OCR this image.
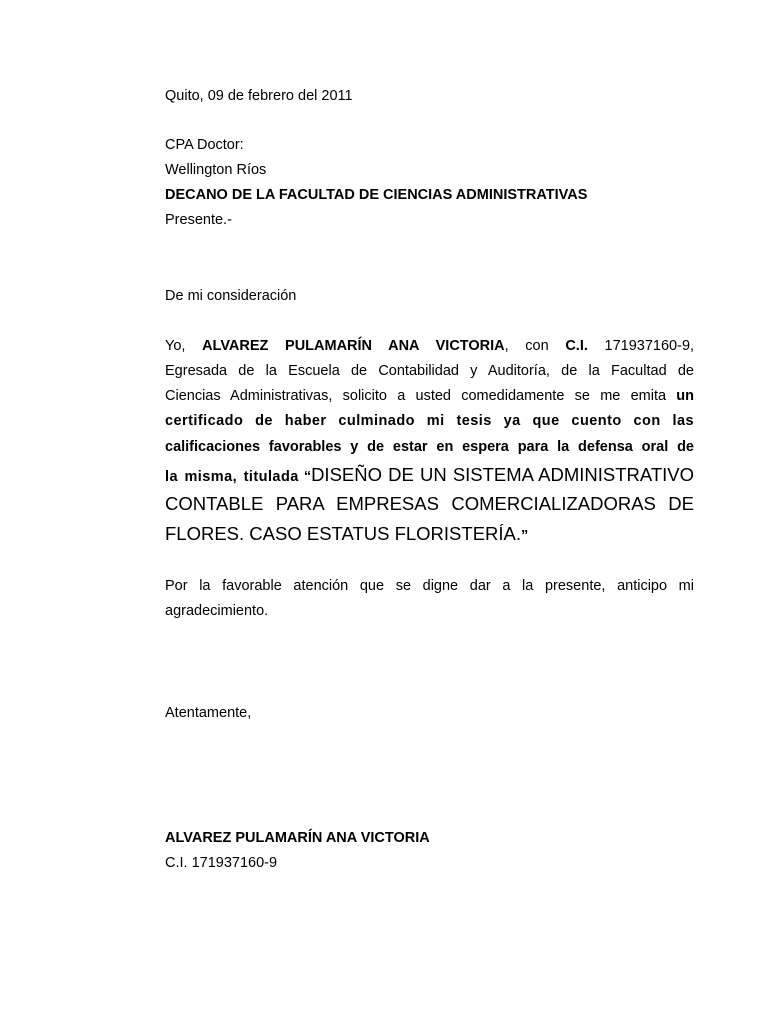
Quito, 09 de febrero del 2011
CPA Doctor:
Wellington Ríos
DECANO DE LA FACULTAD DE CIENCIAS ADMINISTRATIVAS
Presente.-
De mi consideración
Yo, ALVAREZ PULAMARÍN ANA VICTORIA, con C.I. 171937160-9,
Egresada de la Escuela de Contabilidad y Auditoría, de la Facultad de
Ciencias Administrativas, solicito a usted comedidamente se me emita un
certificado de haber culminado mi tesis ya que cuento con las
calificaciones favorables y de estar en espera para la defensa oral de
la misma, titulada “DISEÑO DE UN SISTEMA ADMINISTRATIVO
CONTABLE PARA EMPRESAS COMERCIALIZADORAS DE
FLORES. CASO ESTATUS FLORISTERÍA.”
Por la favorable atención que se digne dar a la presente, anticipo mi
agradecimiento.
Atentamente,
ALVAREZ PULAMARÍN ANA VICTORIA
C.I. 171937160-9
